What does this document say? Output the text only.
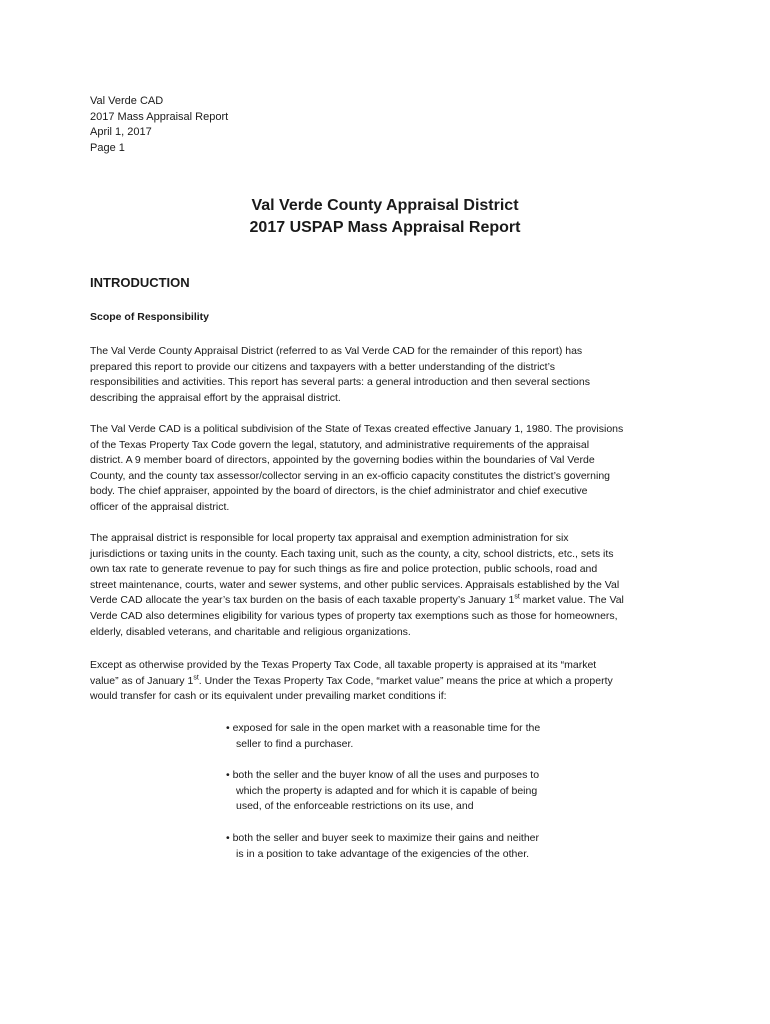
Val Verde CAD
2017 Mass Appraisal Report
April 1, 2017
Page 1
Val Verde County Appraisal District
2017 USPAP Mass Appraisal Report
INTRODUCTION
Scope of Responsibility
The Val Verde County Appraisal District (referred to as Val Verde CAD for the remainder of this report) has
prepared this report to provide our citizens and taxpayers with a better understanding of the district’s
responsibilities and activities. This report has several parts: a general introduction and then several sections
describing the appraisal effort by the appraisal district.
The Val Verde CAD is a political subdivision of the State of Texas created effective January 1, 1980. The provisions
of the Texas Property Tax Code govern the legal, statutory, and administrative requirements of the appraisal
district. A 9 member board of directors, appointed by the governing bodies within the boundaries of Val Verde
County, and the county tax assessor/collector serving in an ex-officio capacity constitutes the district’s governing
body. The chief appraiser, appointed by the board of directors, is the chief administrator and chief executive
officer of the appraisal district.
The appraisal district is responsible for local property tax appraisal and exemption administration for six
jurisdictions or taxing units in the county. Each taxing unit, such as the county, a city, school districts, etc., sets its
own tax rate to generate revenue to pay for such things as fire and police protection, public schools, road and
street maintenance, courts, water and sewer systems, and other public services. Appraisals established by the Val
Verde CAD allocate the year’s tax burden on the basis of each taxable property’s January 1st market value. The Val
Verde CAD also determines eligibility for various types of property tax exemptions such as those for homeowners,
elderly, disabled veterans, and charitable and religious organizations.
Except as otherwise provided by the Texas Property Tax Code, all taxable property is appraised at its “market
value” as of January 1st. Under the Texas Property Tax Code, “market value” means the price at which a property
would transfer for cash or its equivalent under prevailing market conditions if:
• exposed for sale in the open market with a reasonable time for the
seller to find a purchaser.
• both the seller and the buyer know of all the uses and purposes to
which the property is adapted and for which it is capable of being
used, of the enforceable restrictions on its use, and
• both the seller and buyer seek to maximize their gains and neither
is in a position to take advantage of the exigencies of the other.
